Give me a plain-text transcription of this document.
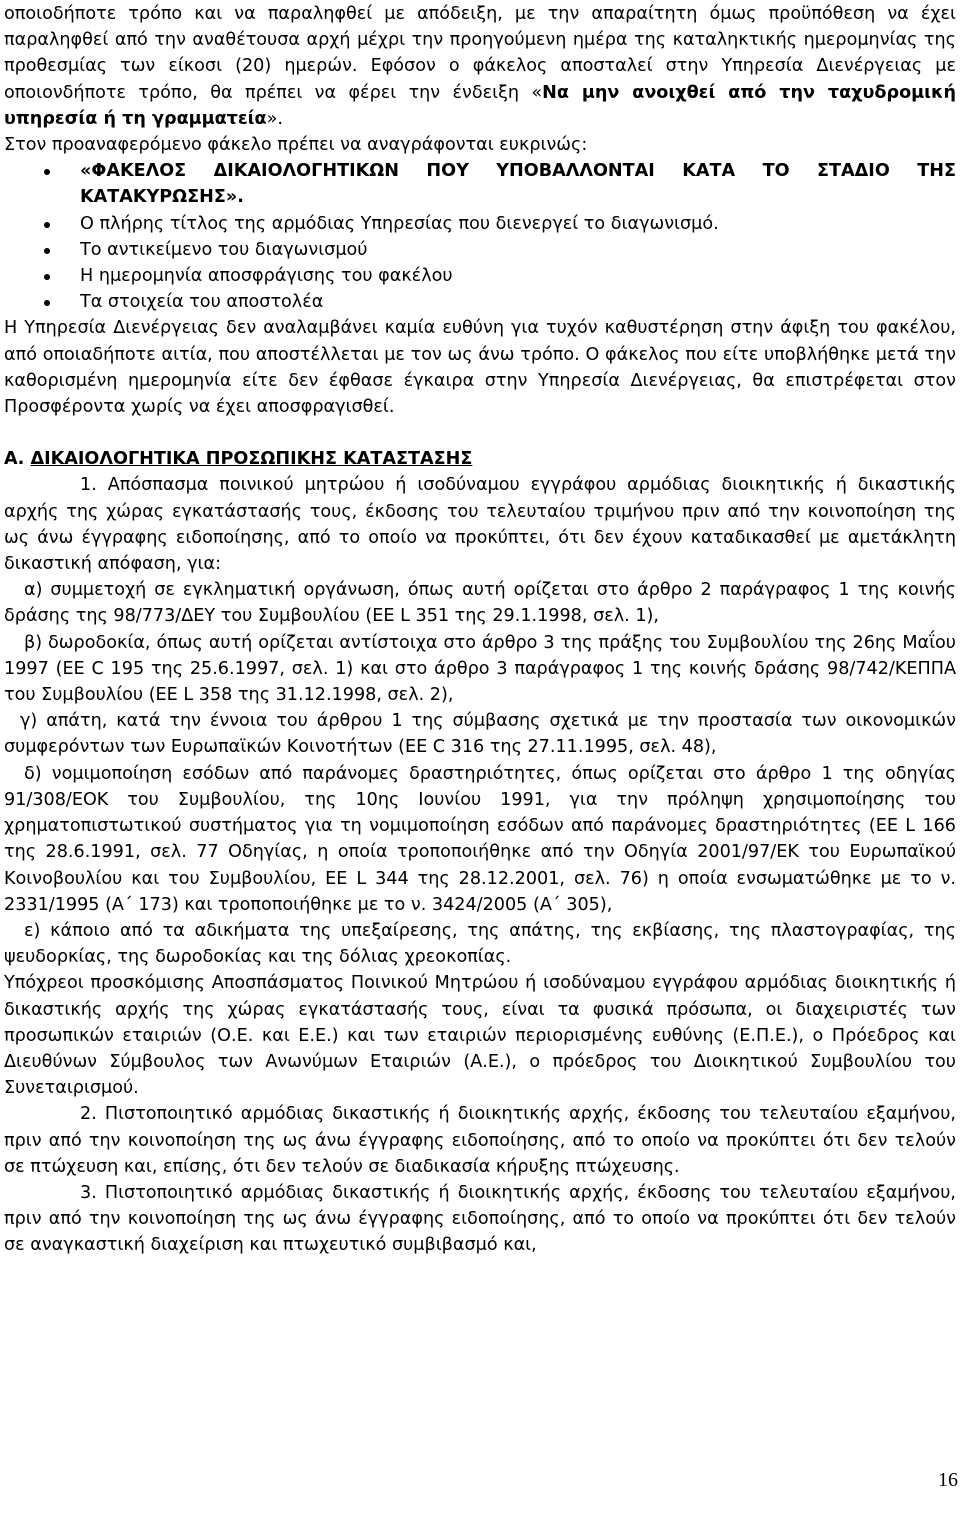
οποιοδήποτε τρόπο και να παραληφθεί με απόδειξη, με την απαραίτητη όμως προϋπόθεση να έχει παραληφθεί από την αναθέτουσα αρχή μέχρι την προηγούμενη ημέρα της καταληκτικής ημερομηνίας της προθεσμίας των είκοσι (20) ημερών. Εφόσον ο φάκελος αποσταλεί στην Υπηρεσία Διενέργειας με οποιονδήποτε τρόπο, θα πρέπει να φέρει την ένδειξη «Να μην ανοιχθεί από την ταχυδρομική υπηρεσία ή τη γραμματεία».

Στον προαναφερόμενο φάκελο πρέπει να αναγράφονται ευκρινώς:

«ΦΑΚΕΛΟΣ ΔΙΚΑΙΟΛΟΓΗΤΙΚΩΝ ΠΟΥ ΥΠΟΒΑΛΛΟΝΤΑΙ ΚΑΤΑ ΤΟ ΣΤΑΔΙΟ ΤΗΣ ΚΑΤΑΚΥΡΩΣΗΣ».
Ο πλήρης τίτλος της αρμόδιας Υπηρεσίας που διενεργεί το διαγωνισμό.
Το αντικείμενο του διαγωνισμού
Η ημερομηνία αποσφράγισης του φακέλου
Τα στοιχεία του αποστολέα

Η Υπηρεσία Διενέργειας δεν αναλαμβάνει καμία ευθύνη για τυχόν καθυστέρηση στην άφιξη του φακέλου, από οποιαδήποτε αιτία, που αποστέλλεται με τον ως άνω τρόπο. Ο φάκελος που είτε υποβλήθηκε μετά την καθορισμένη ημερομηνία είτε δεν έφθασε έγκαιρα στην Υπηρεσία Διενέργειας, θα επιστρέφεται στον Προσφέροντα χωρίς να έχει αποσφραγισθεί.

Α. ΔΙΚΑΙΟΛΟΓΗΤΙΚΑ ΠΡΟΣΩΠΙΚΗΣ ΚΑΤΑΣΤΑΣΗΣ

1. Απόσπασμα ποινικού μητρώου ή ισοδύναμου εγγράφου αρμόδιας διοικητικής ή δικαστικής αρχής της χώρας εγκατάστασής τους, έκδοσης του τελευταίου τριμήνου πριν από την κοινοποίηση της ως άνω έγγραφης ειδοποίησης, από το οποίο να προκύπτει, ότι δεν έχουν καταδικασθεί με αμετάκλητη δικαστική απόφαση, για:

α) συμμετοχή σε εγκληματική οργάνωση, όπως αυτή ορίζεται στο άρθρο 2 παράγραφος 1 της κοινής δράσης της 98/773/ΔΕΥ του Συμβουλίου (ΕΕ L 351 της 29.1.1998, σελ. 1),

β) δωροδοκία, όπως αυτή ορίζεται αντίστοιχα στο άρθρο 3 της πράξης του Συμβουλίου της 26ης Μαΐου 1997 (ΕΕ C 195 της 25.6.1997, σελ. 1) και στο άρθρο 3 παράγραφος 1 της κοινής δράσης 98/742/ΚΕΠΠΑ του Συμβουλίου (ΕΕ L 358 της 31.12.1998, σελ. 2),

γ) απάτη, κατά την έννοια του άρθρου 1 της σύμβασης σχετικά με την προστασία των οικονομικών συμφερόντων των Ευρωπαϊκών Κοινοτήτων (ΕΕ C 316 της 27.11.1995, σελ. 48),

δ) νομιμοποίηση εσόδων από παράνομες δραστηριότητες, όπως ορίζεται στο άρθρο 1 της οδηγίας 91/308/ΕΟΚ του Συμβουλίου, της 10ης Ιουνίου 1991, για την πρόληψη χρησιμοποίησης του χρηματοπιστωτικού συστήματος για τη νομιμοποίηση εσόδων από παράνομες δραστηριότητες (ΕΕ L 166 της 28.6.1991, σελ. 77 Οδηγίας, η οποία τροποποιήθηκε από την Οδηγία 2001/97/ΕΚ του Ευρωπαϊκού Κοινοβουλίου και του Συμβουλίου, ΕΕ L 344 της 28.12.2001, σελ. 76) η οποία ενσωματώθηκε με το ν. 2331/1995 (Α΄ 173) και τροποποιήθηκε με το ν. 3424/2005 (Α΄ 305),

ε) κάποιο από τα αδικήματα της υπεξαίρεσης, της απάτης, της εκβίασης, της πλαστογραφίας, της ψευδορκίας, της δωροδοκίας και της δόλιας χρεοκοπίας.

Υπόχρεοι προσκόμισης Αποσπάσματος Ποινικού Μητρώου ή ισοδύναμου εγγράφου αρμόδιας διοικητικής ή δικαστικής αρχής της χώρας εγκατάστασής τους, είναι τα φυσικά πρόσωπα, οι διαχειριστές των προσωπικών εταιριών (Ο.Ε. και Ε.Ε.) και των εταιριών περιορισμένης ευθύνης (Ε.Π.Ε.), ο Πρόεδρος και Διευθύνων Σύμβουλος των Ανωνύμων Εταιριών (Α.Ε.), ο πρόεδρος του Διοικητικού Συμβουλίου του Συνεταιρισμού.

2. Πιστοποιητικό αρμόδιας δικαστικής ή διοικητικής αρχής, έκδοσης του τελευταίου εξαμήνου, πριν από την κοινοποίηση της ως άνω έγγραφης ειδοποίησης, από το οποίο να προκύπτει ότι δεν τελούν σε πτώχευση και, επίσης, ότι δεν τελούν σε διαδικασία κήρυξης πτώχευσης.

3. Πιστοποιητικό αρμόδιας δικαστικής ή διοικητικής αρχής, έκδοσης του τελευταίου εξαμήνου, πριν από την κοινοποίηση της ως άνω έγγραφης ειδοποίησης, από το οποίο να προκύπτει ότι δεν τελούν σε αναγκαστική διαχείριση και πτωχευτικό συμβιβασμό και,

16
